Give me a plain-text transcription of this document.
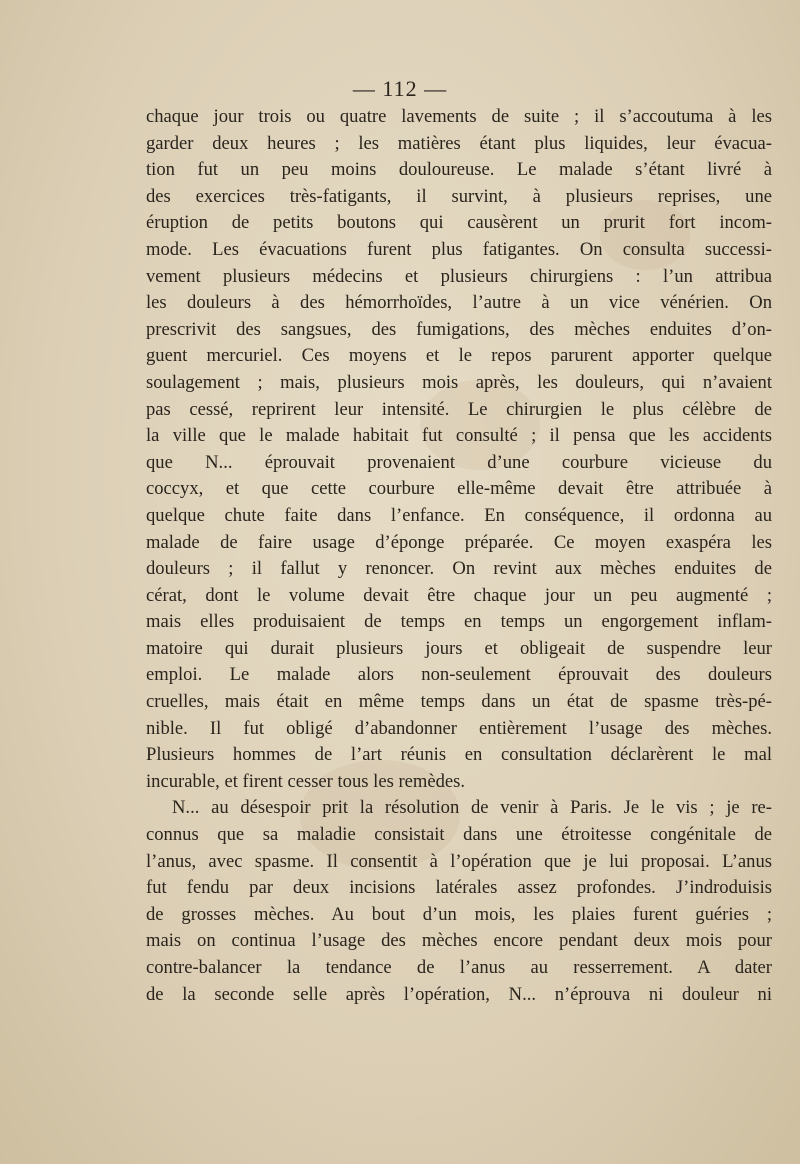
— 112 —
chaque jour trois ou quatre lavements de suite ; il s’accoutuma à les
garder deux heures ; les matières étant plus liquides, leur évacua-
tion fut un peu moins douloureuse. Le malade s’étant livré à
des exercices très-fatigants, il survint, à plusieurs reprises, une
éruption de petits boutons qui causèrent un prurit fort incom-
mode. Les évacuations furent plus fatigantes. On consulta successi-
vement plusieurs médecins et plusieurs chirurgiens : l’un attribua
les douleurs à des hémorrhoïdes, l’autre à un vice vénérien. On
prescrivit des sangsues, des fumigations, des mèches enduites d’on-
guent mercuriel. Ces moyens et le repos parurent apporter quelque
soulagement ; mais, plusieurs mois après, les douleurs, qui n’avaient
pas cessé, reprirent leur intensité. Le chirurgien le plus célèbre de
la ville que le malade habitait fut consulté ; il pensa que les accidents
que N... éprouvait provenaient d’une courbure vicieuse du
coccyx, et que cette courbure elle-même devait être attribuée à
quelque chute faite dans l’enfance. En conséquence, il ordonna au
malade de faire usage d’éponge préparée. Ce moyen exaspéra les
douleurs ; il fallut y renoncer. On revint aux mèches enduites de
cérat, dont le volume devait être chaque jour un peu augmenté ;
mais elles produisaient de temps en temps un engorgement inflam-
matoire qui durait plusieurs jours et obligeait de suspendre leur
emploi. Le malade alors non-seulement éprouvait des douleurs
cruelles, mais était en même temps dans un état de spasme très-pé-
nible. Il fut obligé d’abandonner entièrement l’usage des mèches.
Plusieurs hommes de l’art réunis en consultation déclarèrent le mal
incurable, et firent cesser tous les remèdes.
N... au désespoir prit la résolution de venir à Paris. Je le vis ; je re-
connus que sa maladie consistait dans une étroitesse congénitale de
l’anus, avec spasme. Il consentit à l’opération que je lui proposai. L’anus
fut fendu par deux incisions latérales assez profondes. J’indroduisis
de grosses mèches. Au bout d’un mois, les plaies furent guéries ;
mais on continua l’usage des mèches encore pendant deux mois pour
contre-balancer la tendance de l’anus au resserrement. A dater
de la seconde selle après l’opération, N... n’éprouva ni douleur ni
